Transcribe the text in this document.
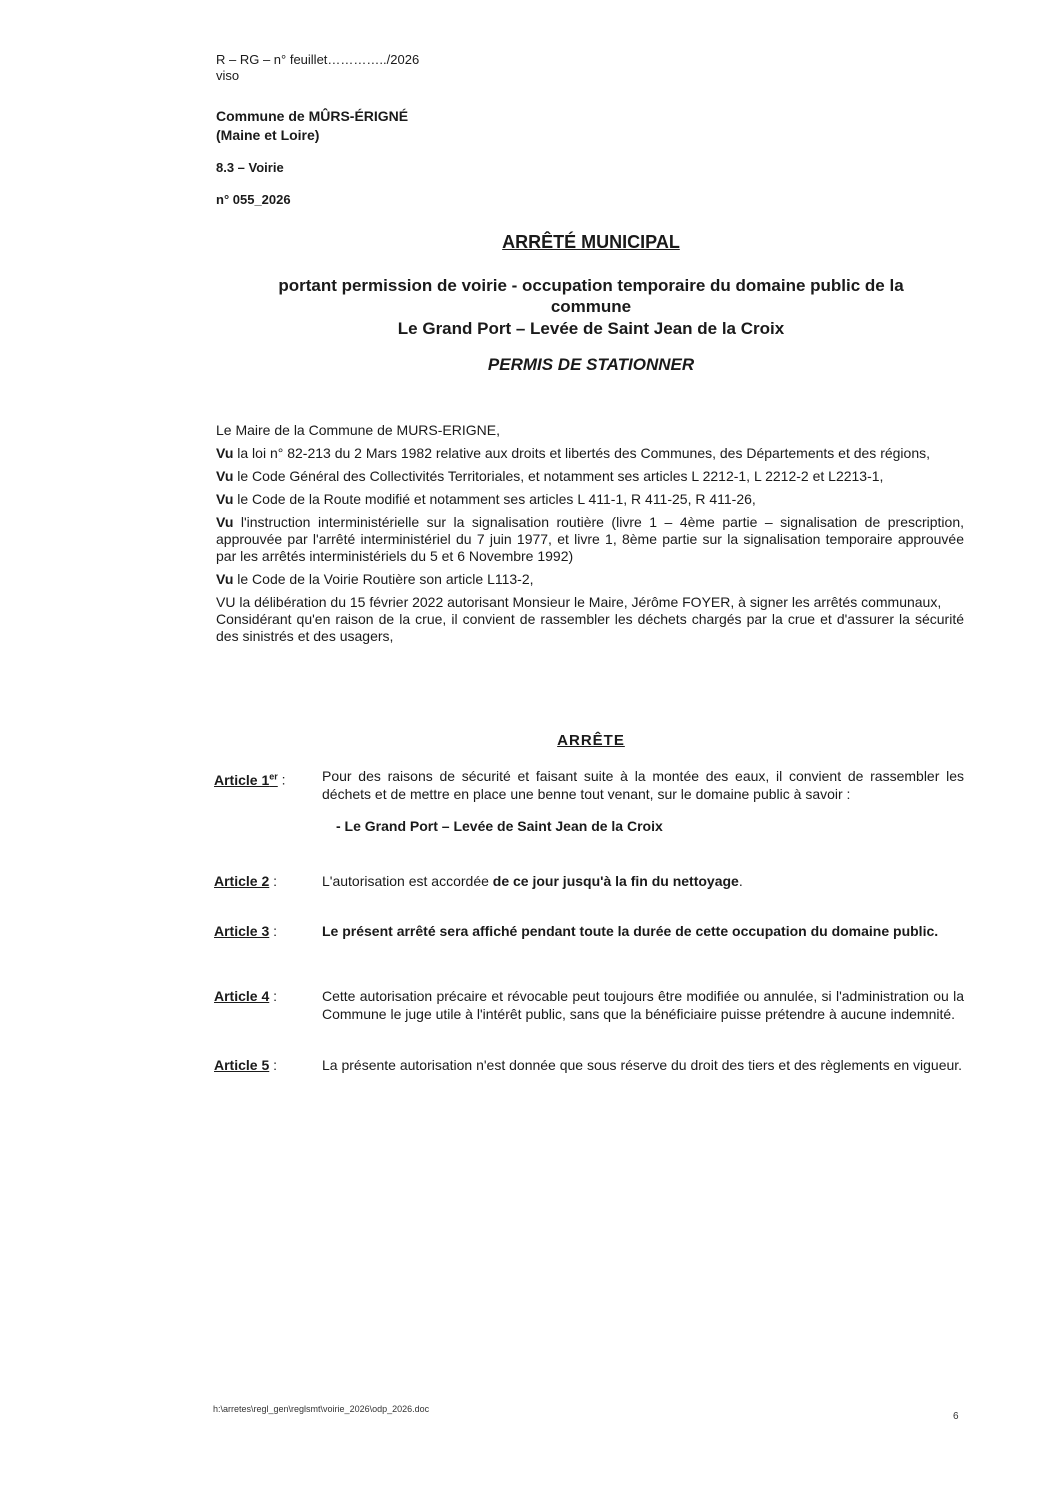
R – RG – n° feuillet…………../2026
viso
Commune de MÛRS-ÉRIGNÉ
(Maine et Loire)
8.3 – Voirie
n° 055_2026
ARRÊTÉ MUNICIPAL
portant permission de voirie - occupation temporaire du domaine public de la
commune
Le Grand Port – Levée de Saint Jean de la Croix
PERMIS DE STATIONNER

Le Maire de la Commune de MURS-ERIGNE,

Vu la loi n° 82-213 du 2 Mars 1982 relative aux droits et libertés des Communes, des Départements et des régions,

Vu le Code Général des Collectivités Territoriales, et notamment ses articles L 2212-1, L 2212-2 et L2213-1,

Vu le Code de la Route modifié et notamment ses articles L 411-1, R 411-25, R 411-26,

Vu l'instruction interministérielle sur la signalisation routière (livre 1 – 4ème partie – signalisation de prescription, approuvée par l'arrêté interministériel du 7 juin 1977, et livre 1, 8ème partie sur la signalisation temporaire approuvée par les arrêtés interministériels du 5 et 6 Novembre 1992)

Vu le Code de la Voirie Routière son article L113-2,

VU la délibération du 15 février 2022 autorisant Monsieur le Maire, Jérôme FOYER, à signer les arrêtés communaux,

Considérant qu'en raison de la crue, il convient de rassembler les déchets chargés par la crue et d'assurer la sécurité des sinistrés et des usagers,

ARRÊTE
Article 1er :	Pour des raisons de sécurité et faisant suite à la montée des eaux, il convient de rassembler les déchets et de mettre en place une benne tout venant, sur le domaine public à savoir :
- Le Grand Port – Levée de Saint Jean de la Croix
Article 2 :	L'autorisation est accordée de ce jour jusqu'à la fin du nettoyage.
Article 3 :	Le présent arrêté sera affiché pendant toute la durée de cette occupation du domaine public.
Article 4 :	Cette autorisation précaire et révocable peut toujours être modifiée ou annulée, si l'administration ou la Commune le juge utile à l'intérêt public, sans que la bénéficiaire puisse prétendre à aucune indemnité.
Article 5 :	La présente autorisation n'est donnée que sous réserve du droit des tiers et des règlements en vigueur.
h:\arretes\regl_gen\reglsmt\voirie_2026\odp_2026.doc
6
